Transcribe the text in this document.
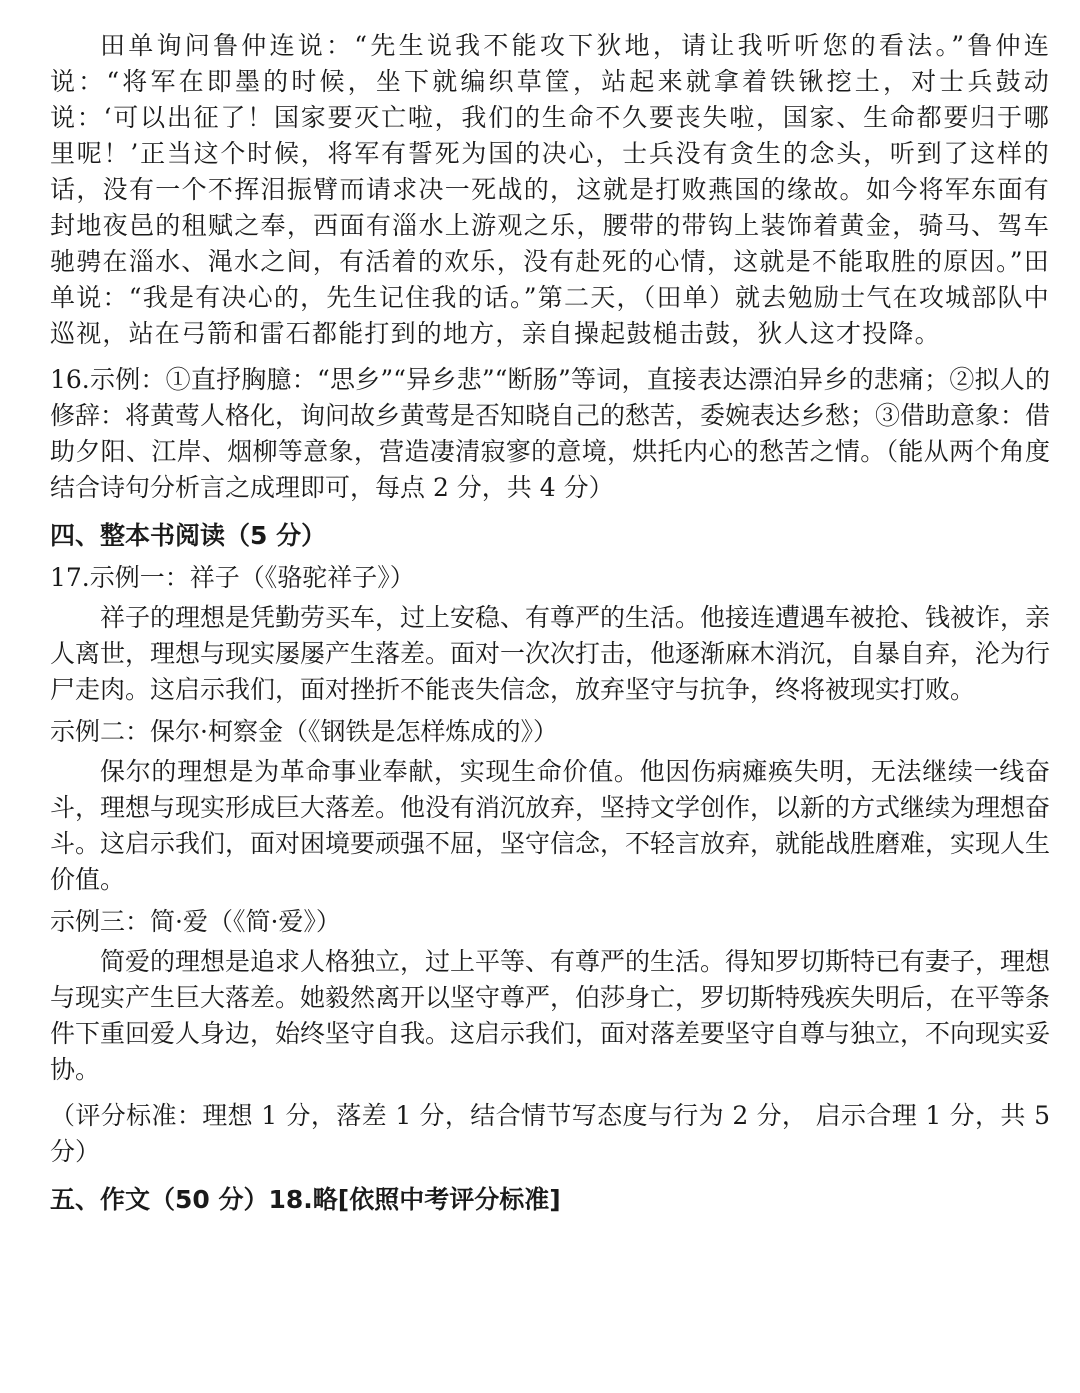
田单询问鲁仲连说：“先生说我不能攻下狄地，请让我听听您的看法。”鲁仲连说：“将军在即墨的时候，坐下就编织草筐，站起来就拿着铁锹挖土，对士兵鼓动说：‘可以出征了！国家要灭亡啦，我们的生命不久要丧失啦，国家、生命都要归于哪里呢！’正当这个时候，将军有誓死为国的决心，士兵没有贪生的念头，听到了这样的话，没有一个不挥泪振臂而请求决一死战的，这就是打败燕国的缘故。如今将军东面有封地夜邑的租赋之奉，西面有淄水上游观之乐，腰带的带钩上装饰着黄金，骑马、驾车驰骋在淄水、渑水之间，有活着的欢乐，没有赴死的心情，这就是不能取胜的原因。”田单说：“我是有决心的，先生记住我的话。”第二天，（田单）就去勉励士气在攻城部队中巡视，站在弓箭和雷石都能打到的地方，亲自操起鼓槌击鼓，狄人这才投降。

16.示例：①直抒胸臆：“思乡”“异乡悲”“断肠”等词，直接表达漂泊异乡的悲痛；②拟人的修辞：将黄莺人格化，询问故乡黄莺是否知晓自己的愁苦，委婉表达乡愁；③借助意象：借助夕阳、江岸、烟柳等意象，营造凄清寂寥的意境，烘托内心的愁苦之情。（能从两个角度结合诗句分析言之成理即可，每点 2 分，共 4 分）

四、整本书阅读（5 分）
17.示例一：祥子（《骆驼祥子》）

祥子的理想是凭勤劳买车，过上安稳、有尊严的生活。他接连遭遇车被抢、钱被诈，亲人离世，理想与现实屡屡产生落差。面对一次次打击，他逐渐麻木消沉，自暴自弃，沦为行尸走肉。这启示我们，面对挫折不能丧失信念，放弃坚守与抗争，终将被现实打败。

示例二：保尔·柯察金（《钢铁是怎样炼成的》）

保尔的理想是为革命事业奉献，实现生命价值。他因伤病瘫痪失明，无法继续一线奋斗，理想与现实形成巨大落差。他没有消沉放弃，坚持文学创作，以新的方式继续为理想奋斗。这启示我们，面对困境要顽强不屈，坚守信念，不轻言放弃，就能战胜磨难，实现人生价值。

示例三：简·爱（《简·爱》）

简爱的理想是追求人格独立，过上平等、有尊严的生活。得知罗切斯特已有妻子，理想与现实产生巨大落差。她毅然离开以坚守尊严，伯莎身亡，罗切斯特残疾失明后，在平等条件下重回爱人身边，始终坚守自我。这启示我们，面对落差要坚守自尊与独立，不向现实妥协。

（评分标准：理想 1 分，落差 1 分，结合情节写态度与行为 2 分， 启示合理 1 分，共 5 分）

五、作文（50 分）18.略[依照中考评分标准]
